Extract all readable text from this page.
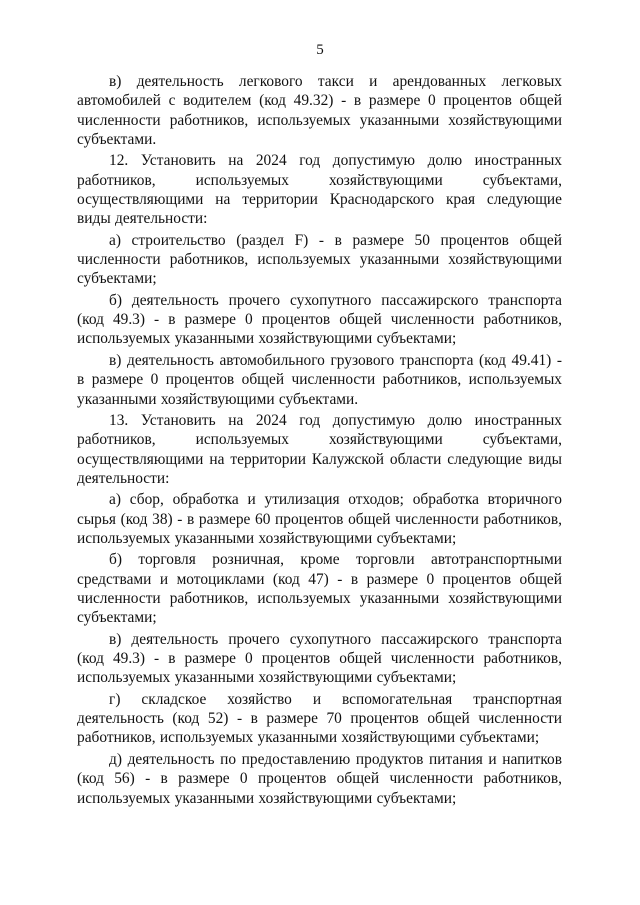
5

в) деятельность легкового такси и арендованных легковых автомобилей с водителем (код 49.32) - в размере 0 процентов общей численности работников, используемых указанными хозяйствующими субъектами.

12. Установить на 2024 год допустимую долю иностранных работников, используемых хозяйствующими субъектами, осуществляющими на территории Краснодарского края следующие виды деятельности:

а) строительство (раздел F) - в размере 50 процентов общей численности работников, используемых указанными хозяйствующими субъектами;

б) деятельность прочего сухопутного пассажирского транспорта (код 49.3) - в размере 0 процентов общей численности работников, используемых указанными хозяйствующими субъектами;

в) деятельность автомобильного грузового транспорта (код 49.41) - в размере 0 процентов общей численности работников, используемых указанными хозяйствующими субъектами.

13. Установить на 2024 год допустимую долю иностранных работников, используемых хозяйствующими субъектами, осуществляющими на территории Калужской области следующие виды деятельности:

а) сбор, обработка и утилизация отходов; обработка вторичного сырья (код 38) - в размере 60 процентов общей численности работников, используемых указанными хозяйствующими субъектами;

б) торговля розничная, кроме торговли автотранспортными средствами и мотоциклами (код 47) - в размере 0 процентов общей численности работников, используемых указанными хозяйствующими субъектами;

в) деятельность прочего сухопутного пассажирского транспорта (код 49.3) - в размере 0 процентов общей численности работников, используемых указанными хозяйствующими субъектами;

г) складское хозяйство и вспомогательная транспортная деятельность (код 52) - в размере 70 процентов общей численности работников, используемых указанными хозяйствующими субъектами;

д) деятельность по предоставлению продуктов питания и напитков (код 56) - в размере 0 процентов общей численности работников, используемых указанными хозяйствующими субъектами;
